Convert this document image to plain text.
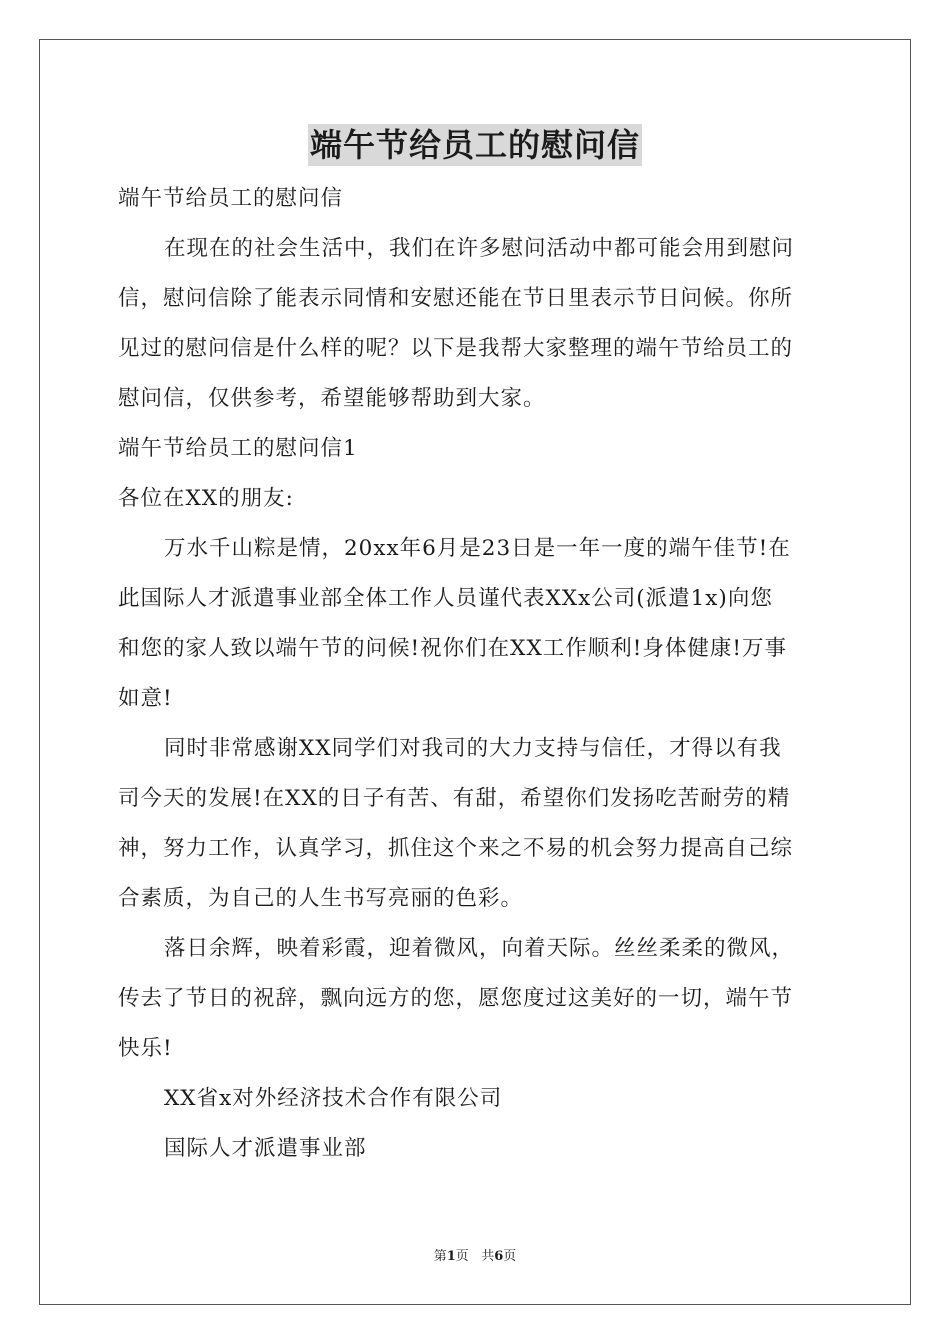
端午节给员工的慰问信
端午节给员工的慰问信
在现在的社会生活中，我们在许多慰问活动中都可能会用到慰问
信，慰问信除了能表示同情和安慰还能在节日里表示节日问候。你所
见过的慰问信是什么样的呢？以下是我帮大家整理的端午节给员工的
慰问信，仅供参考，希望能够帮助到大家。
端午节给员工的慰问信1
各位在XX的朋友:
万水千山粽是情，20xx年6月是23日是一年一度的端午佳节!在
此国际人才派遣事业部全体工作人员谨代表XXx公司(派遣1x)向您
和您的家人致以端午节的问候!祝你们在XX工作顺利!身体健康!万事
如意!
同时非常感谢XX同学们对我司的大力支持与信任，才得以有我
司今天的发展!在XX的日子有苦、有甜，希望你们发扬吃苦耐劳的精
神，努力工作，认真学习，抓住这个来之不易的机会努力提高自己综
合素质，为自己的人生书写亮丽的色彩。
落日余辉，映着彩霞，迎着微风，向着天际。丝丝柔柔的微风，
传去了节日的祝辞，飘向远方的您，愿您度过这美好的一切，端午节
快乐!
XX省x对外经济技术合作有限公司
国际人才派遣事业部
第1页 共6页
